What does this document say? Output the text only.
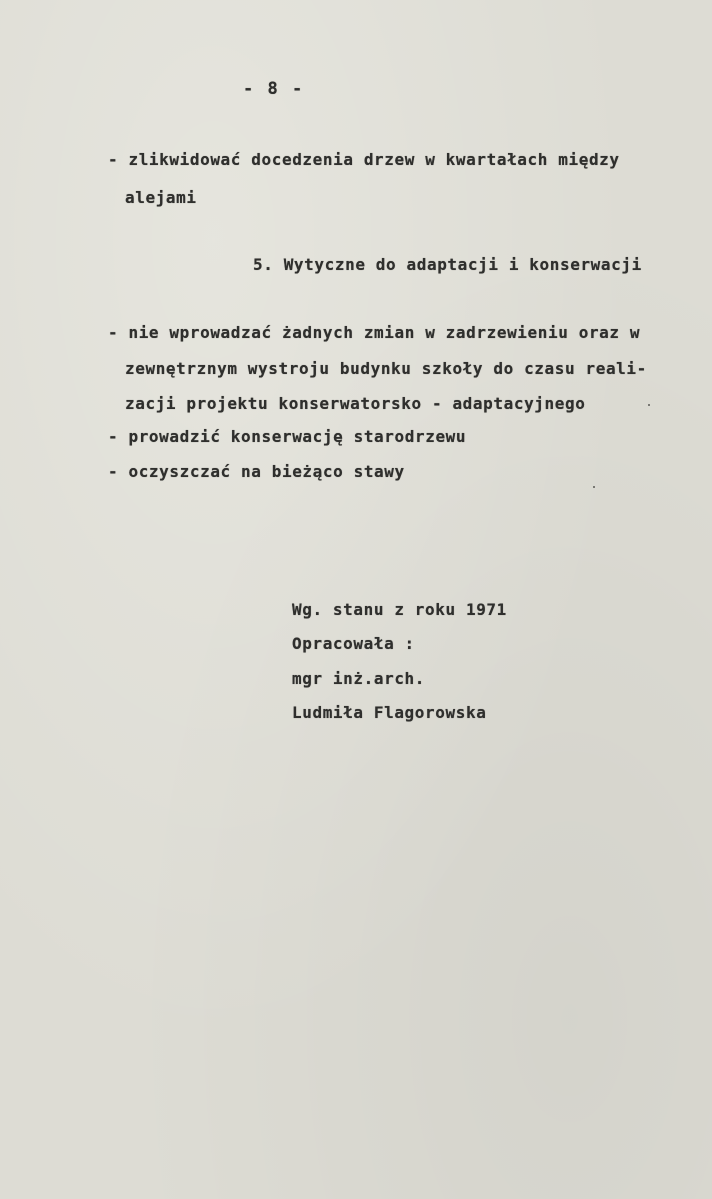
- 8 -
- zlikwidować docedzenia drzew w kwartałach między
alejami
5. Wytyczne do adaptacji i konserwacji
- nie wprowadzać żadnych zmian w zadrzewieniu oraz w
zewnętrznym wystroju budynku szkoły do czasu reali-
zacji projektu konserwatorsko - adaptacyjnego
- prowadzić konserwację starodrzewu
- oczyszczać na bieżąco stawy
Wg. stanu z roku 1971
Opracowała :
mgr inż.arch.
Ludmiła Flagorowska
